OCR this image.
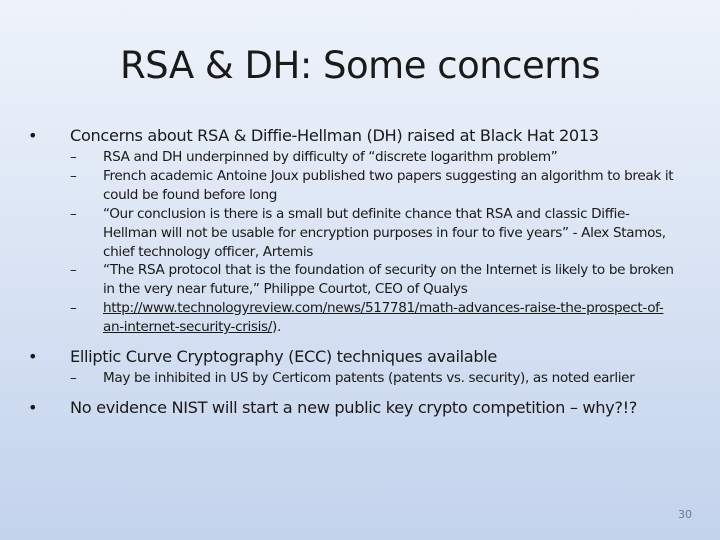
RSA & DH: Some concerns
•	Concerns about RSA & Diffie-Hellman (DH) raised at Black Hat 2013
– RSA and DH underpinned by difficulty of “discrete logarithm problem”
– French academic Antoine Joux published two papers suggesting an algorithm to break it could be found before long
– “Our conclusion is there is a small but definite chance that RSA and classic Diffie-Hellman will not be usable for encryption purposes in four to five years” - Alex Stamos, chief technology officer, Artemis
– “The RSA protocol that is the foundation of security on the Internet is likely to be broken in the very near future,” Philippe Courtot, CEO of Qualys
– http://www.technologyreview.com/news/517781/math-advances-raise-the-prospect-of-an-internet-security-crisis/).
•	Elliptic Curve Cryptography (ECC) techniques available
– May be inhibited in US by Certicom patents (patents vs. security), as noted earlier
•	No evidence NIST will start a new public key crypto competition – why?!?
30
